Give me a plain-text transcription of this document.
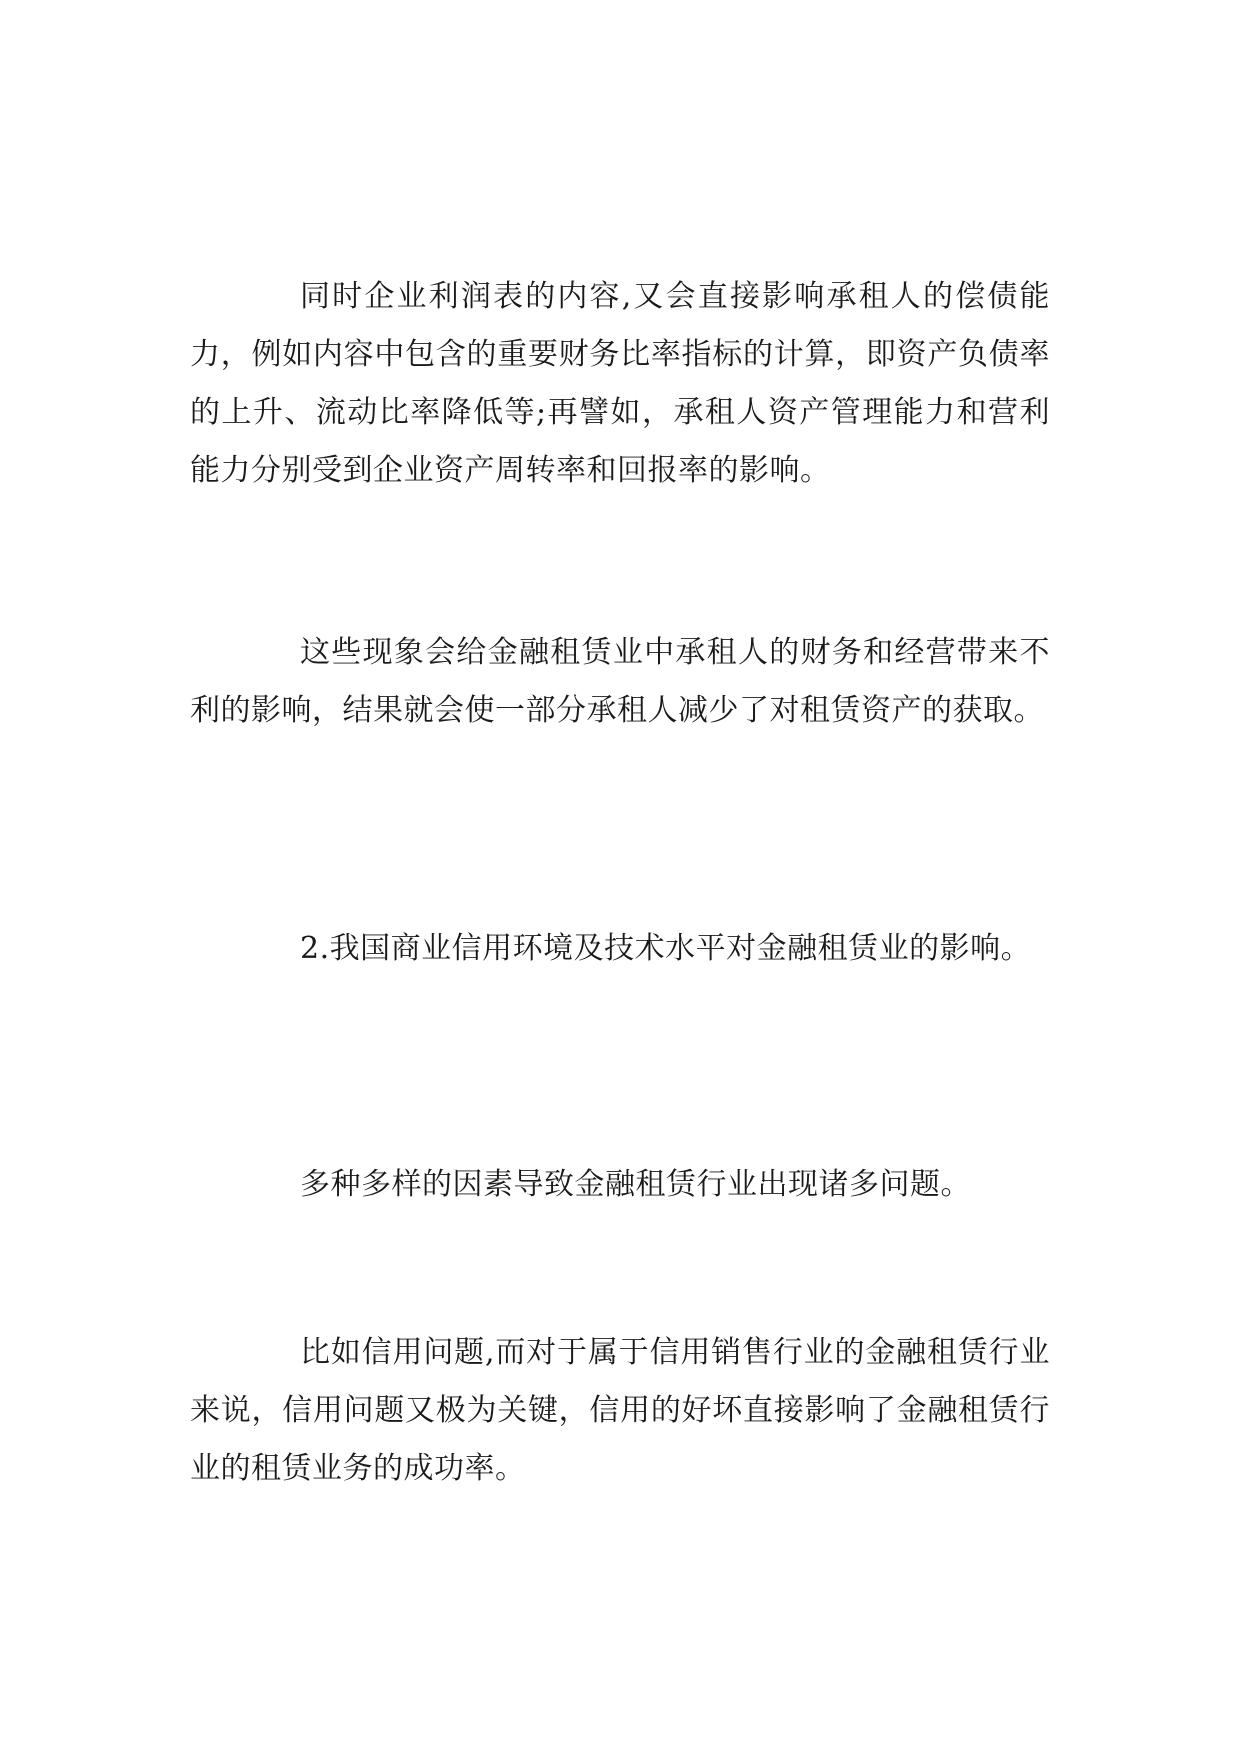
同时企业利润表的内容,又会直接影响承租人的偿债能力，例如内容中包含的重要财务比率指标的计算，即资产负债率的上升、流动比率降低等;再譬如，承租人资产管理能力和营利能力分别受到企业资产周转率和回报率的影响。

这些现象会给金融租赁业中承租人的财务和经营带来不利的影响，结果就会使一部分承租人减少了对租赁资产的获取。

2.我国商业信用环境及技术水平对金融租赁业的影响。

多种多样的因素导致金融租赁行业出现诸多问题。

比如信用问题,而对于属于信用销售行业的金融租赁行业来说，信用问题又极为关键，信用的好坏直接影响了金融租赁行业的租赁业务的成功率。
